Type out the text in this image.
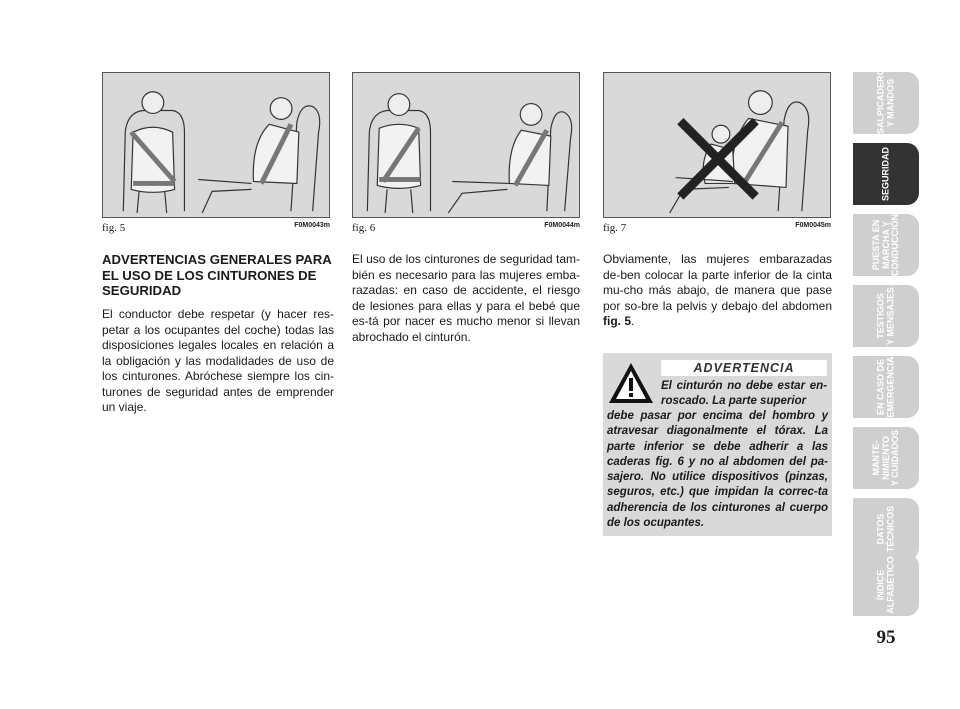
fig. 5	F0M0043m fig. 6	F0M0044m fig. 7	F0M0045m
ADVERTENCIAS GENERALES PARA EL USO DE LOS CINTURONES DE SEGURIDAD

El conductor debe respetar (y hacer res-petar a los ocupantes del coche) todas las disposiciones legales locales en relación a la obligación y las modalidades de uso de los cinturones. Abróchese siempre los cin-turones de seguridad antes de emprender un viaje.

El uso de los cinturones de seguridad tam-bién es necesario para las mujeres emba-razadas: en caso de accidente, el riesgo de lesiones para ellas y para el bebé que es-tá por nacer es mucho menor si llevan abrochado el cinturón.

Obviamente, las mujeres embarazadas de-ben colocar la parte inferior de la cinta mu-cho más abajo, de manera que pase por so-bre la pelvis y debajo del abdomen fig. 5.

ADVERTENCIA

El cinturón no debe estar en-roscado. La parte superior

debe pasar por encima del hombro y atravesar diagonalmente el tórax. La parte inferior se debe adherir a las caderas fig. 6 y no al abdomen del pa-sajero. No utilice dispositivos (pinzas, seguros, etc.) que impidan la correc-ta adherencia de los cinturones al cuerpo de los ocupantes.

SALPICADERO
Y MANDOS
SEGURIDAD
PUESTA EN
MARCHA Y
CONDUCCIÓN
TESTIGOS
Y MENSAJES
EN CASO DE
EMERGENCIA
MANTE-
NIMIENTO
Y CUIDADOS
DATOS
TÉCNICOS
ÍNDICE
ALFABÉTICO
95
